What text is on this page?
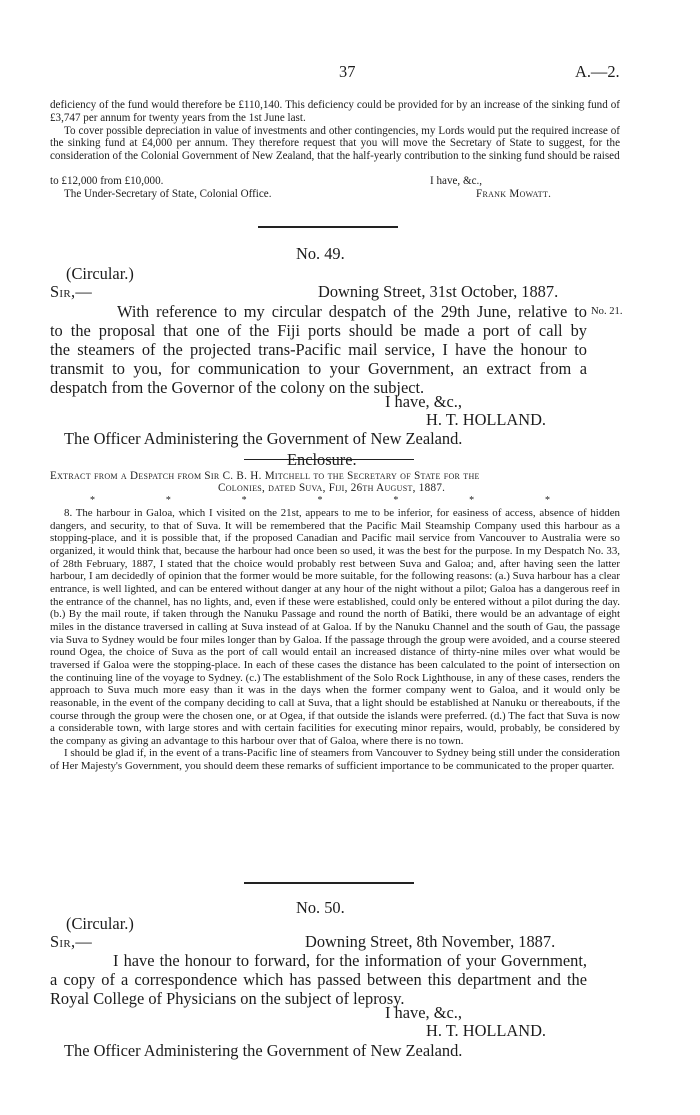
37	A.—2.

deficiency of the fund would therefore be £110,140. This deficiency could be provided for by an increase of the sinking fund of £3,747 per annum for twenty years from the 1st June last.

To cover possible depreciation in value of investments and other contingencies, my Lords would put the required increase of the sinking fund at £4,000 per annum. They therefore request that you will move the Secretary of State to suggest, for the consideration of the Colonial Government of New Zealand, that the half-yearly contribution to the sinking fund should be raised

to £12,000 from £10,000.	I have, &c.,
The Under-Secretary of State, Colonial Office.	Frank Mowatt.
No. 49.
(Circular.)
Sir,—	Downing Street, 31st October, 1887.
With reference to my circular despatch of the 29th June, relative to No. 21.
to the proposal that one of the Fiji ports should be made a port of call by
the steamers of the projected trans-Pacific mail service, I have the honour to
transmit to you, for communication to your Government, an extract from a
despatch from the Governor of the colony on the subject.
I have, &c.,
H. T. HOLLAND.
The Officer Administering the Government of New Zealand.
Enclosure.
Extract from a Despatch from Sir C. B. H. Mitchell to the Secretary of State for the
Colonies, dated Suva, Fiji, 26th August, 1887.
*	*	*	*	*	*	*

8. The harbour in Galoa, which I visited on the 21st, appears to me to be inferior, for easiness of access, absence of hidden dangers, and security, to that of Suva. It will be remembered that the Pacific Mail Steamship Company used this harbour as a stopping-place, and it is possible that, if the proposed Canadian and Pacific mail service from Vancouver to Australia were so organized, it would think that, because the harbour had once been so used, it was the best for the purpose. In my Despatch No. 33, of 28th February, 1887, I stated that the choice would probably rest between Suva and Galoa; and, after having seen the latter harbour, I am decidedly of opinion that the former would be more suitable, for the following reasons: (a.) Suva harbour has a clear entrance, is well lighted, and can be entered without danger at any hour of the night without a pilot; Galoa has a dangerous reef in the entrance of the channel, has no lights, and, even if these were established, could only be entered without a pilot during the day. (b.) By the mail route, if taken through the Nanuku Passage and round the north of Batiki, there would be an advantage of eight miles in the distance traversed in calling at Suva instead of at Galoa. If by the Nanuku Channel and the south of Gau, the passage via Suva to Sydney would be four miles longer than by Galoa. If the passage through the group were avoided, and a course steered round Ogea, the choice of Suva as the port of call would entail an increased distance of thirty-nine miles over what would be traversed if Galoa were the stopping-place. In each of these cases the distance has been calculated to the point of intersection on the continuing line of the voyage to Sydney. (c.) The establishment of the Solo Rock Lighthouse, in any of these cases, renders the approach to Suva much more easy than it was in the days when the former company went to Galoa, and it would only be reasonable, in the event of the company deciding to call at Suva, that a light should be established at Nanuku or thereabouts, if the course through the group were the chosen one, or at Ogea, if that outside the islands were preferred. (d.) The fact that Suva is now a considerable town, with large stores and with certain facilities for executing minor repairs, would, probably, be considered by the company as giving an advantage to this harbour over that of Galoa, where there is no town.

I should be glad if, in the event of a trans-Pacific line of steamers from Vancouver to Sydney being still under the consideration of Her Majesty's Government, you should deem these remarks of sufficient importance to be communicated to the proper quarter.

No. 50.
(Circular.)
Sir,—	Downing Street, 8th November, 1887.
I have the honour to forward, for the information of your Government,
a copy of a correspondence which has passed between this department and the
Royal College of Physicians on the subject of leprosy.
I have, &c.,
H. T. HOLLAND.
The Officer Administering the Government of New Zealand.
